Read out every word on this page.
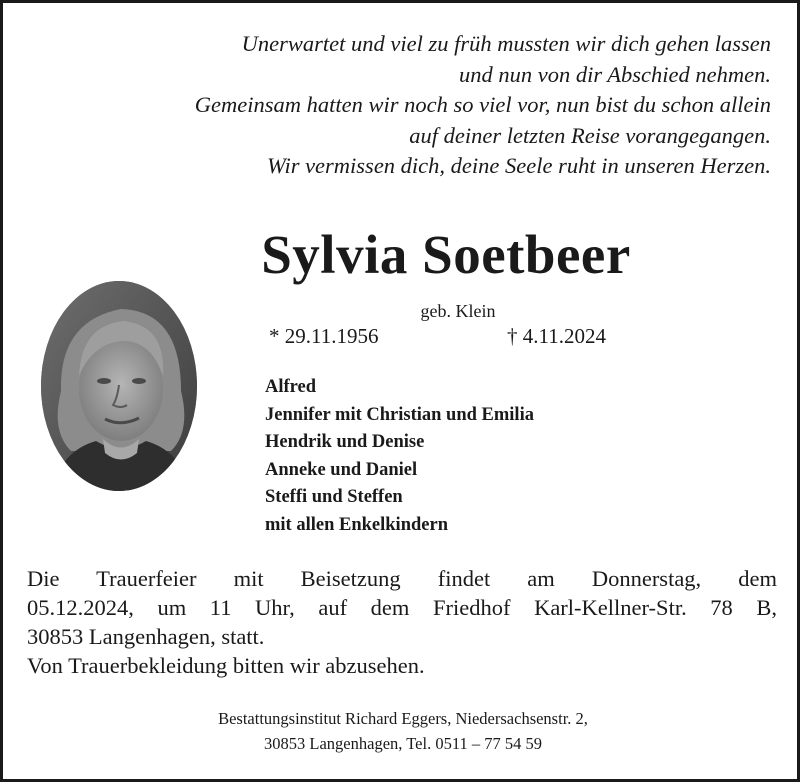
Unerwartet und viel zu früh mussten wir dich gehen lassen
und nun von dir Abschied nehmen.
Gemeinsam hatten wir noch so viel vor, nun bist du schon allein
auf deiner letzten Reise vorangegangen.
Wir vermissen dich, deine Seele ruht in unseren Herzen.
Sylvia Soetbeer
geb. Klein
* 29.11.1956	† 4.11.2024
Alfred
Jennifer mit Christian und Emilia
Hendrik und Denise
Anneke und Daniel
Steffi und Steffen
mit allen Enkelkindern
Die Trauerfeier mit Beisetzung findet am Donnerstag, dem
05.12.2024, um 11 Uhr, auf dem Friedhof Karl-Kellner-Str. 78 B,
30853 Langenhagen, statt.
Von Trauerbekleidung bitten wir abzusehen.
Bestattungsinstitut Richard Eggers, Niedersachsenstr. 2,
30853 Langenhagen, Tel. 0511 – 77 54 59
